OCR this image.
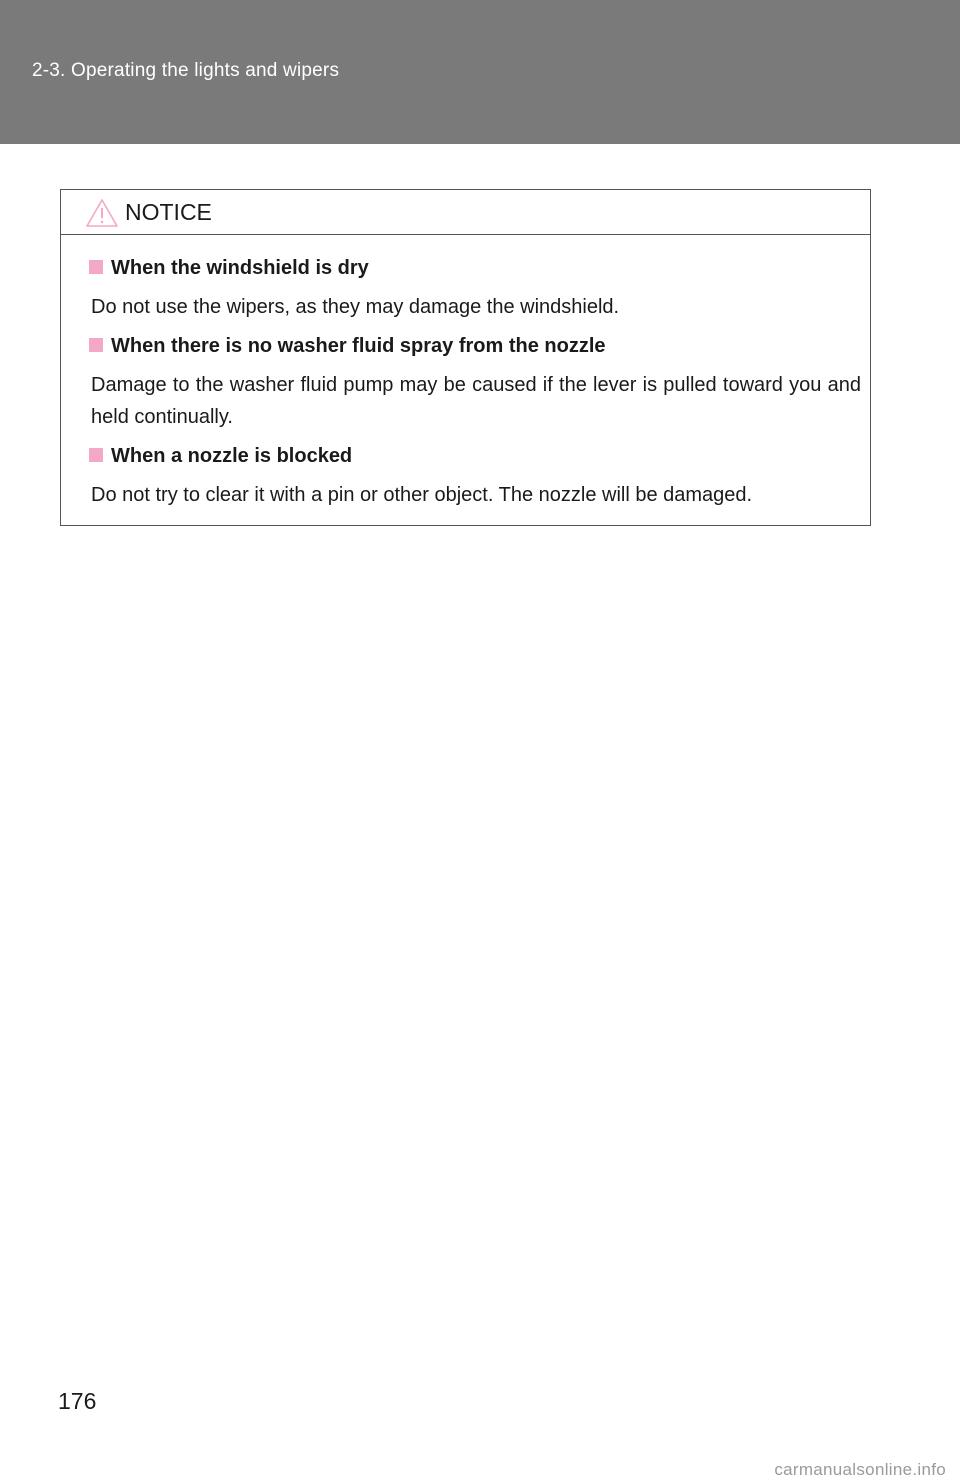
2-3. Operating the lights and wipers
NOTICE

When the windshield is dry

Do not use the wipers, as they may damage the windshield.

When there is no washer fluid spray from the nozzle

Damage to the washer fluid pump may be caused if the lever is pulled toward you and held continually.

When a nozzle is blocked

Do not try to clear it with a pin or other object. The nozzle will be damaged.

176
carmanualsonline.info
